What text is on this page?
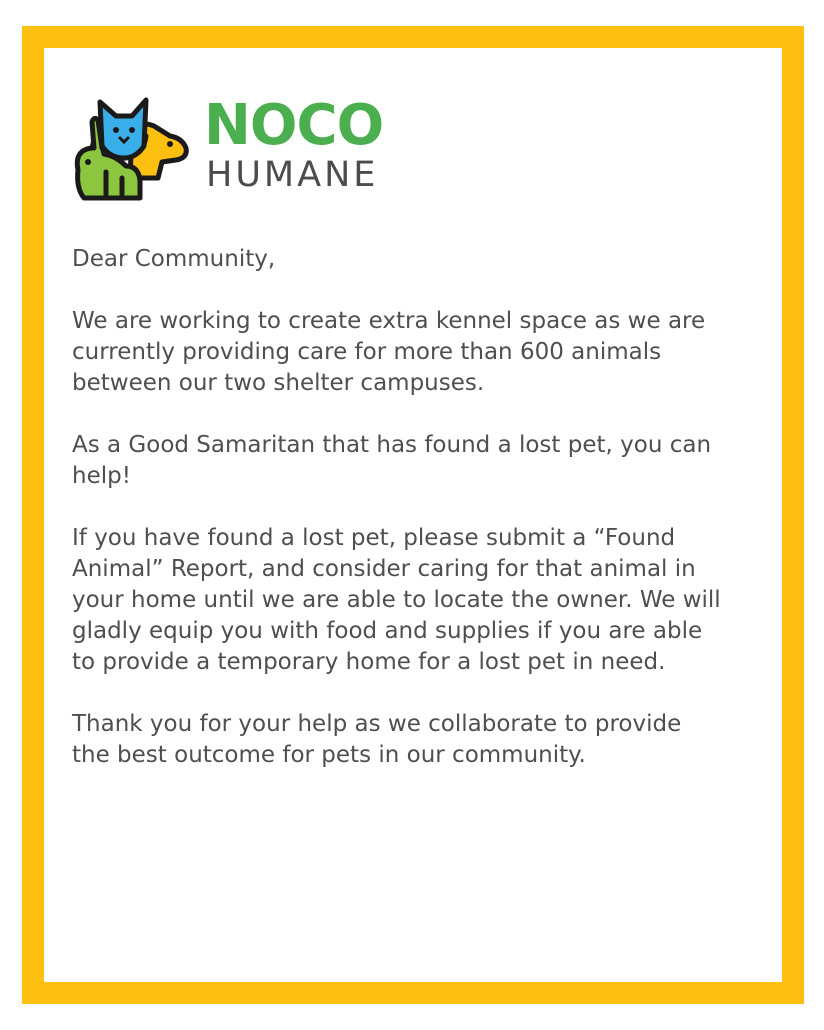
NOCO
HUMANE

Dear Community,

We are working to create extra kennel space as we are currently providing care for more than 600 animals between our two shelter campuses.

As a Good Samaritan that has found a lost pet, you can help!

If you have found a lost pet, please submit a “Found Animal” Report, and consider caring for that animal in your home until we are able to locate the owner. We will gladly equip you with food and supplies if you are able to provide a temporary home for a lost pet in need.

Thank you for your help as we collaborate to provide the best outcome for pets in our community.
